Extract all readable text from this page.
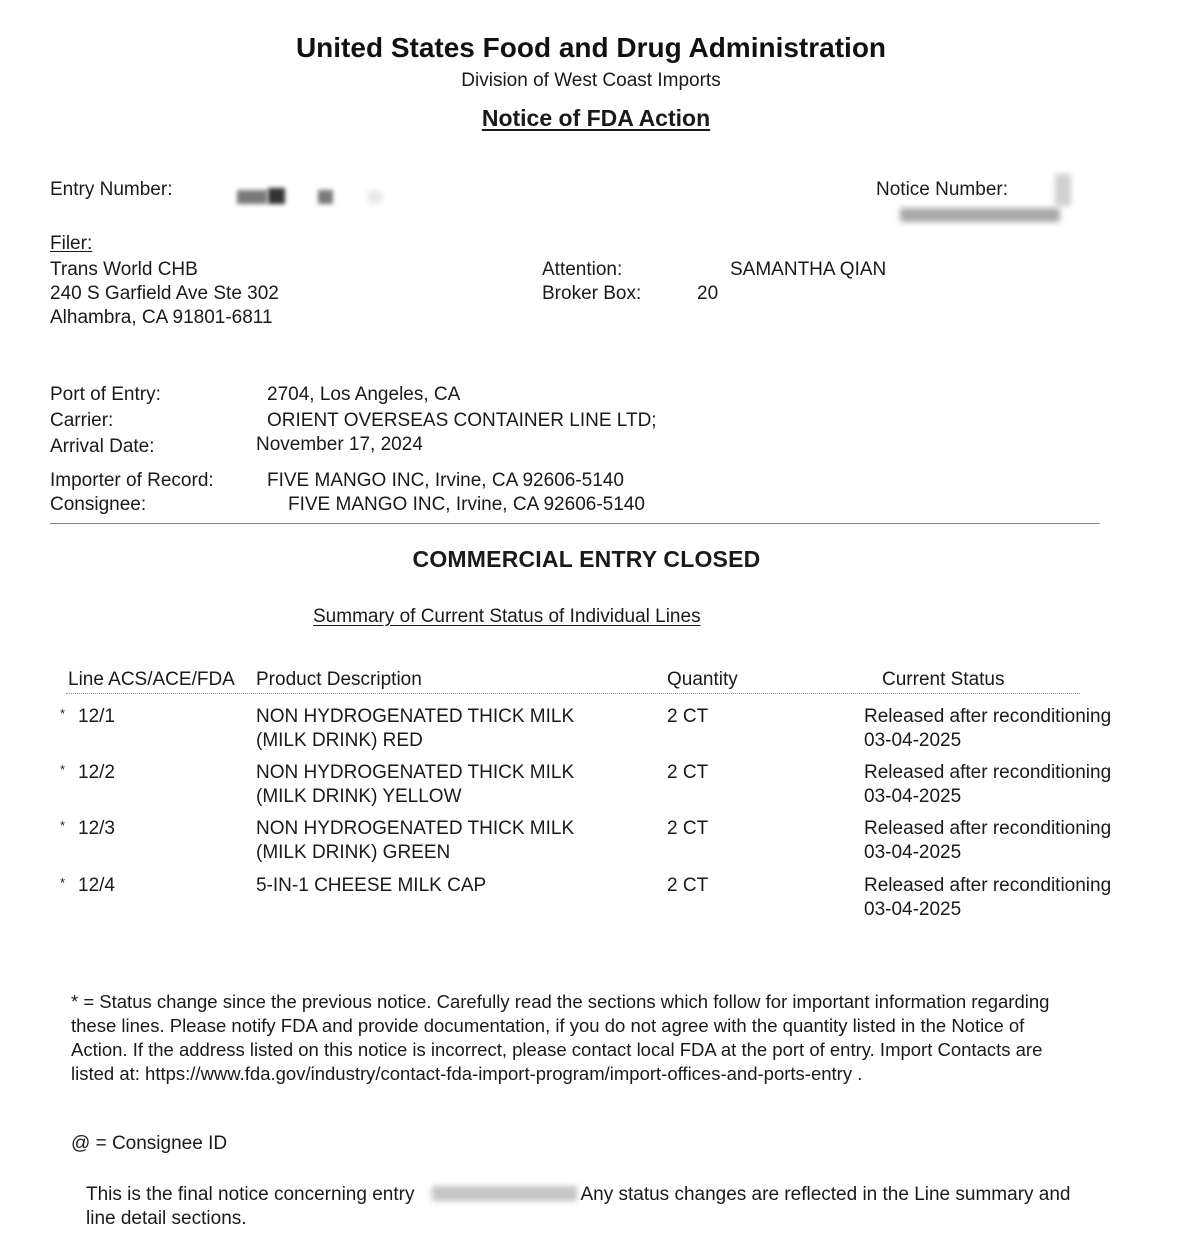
United States Food and Drug Administration
Division of West Coast Imports
Notice of FDA Action
Entry Number:	Notice Number:
Filer:
Trans World CHB
240 S Garfield Ave Ste 302
Alhambra, CA 91801-6811
Attention:	SAMANTHA QIAN
Broker Box:	20
Port of Entry:	2704, Los Angeles, CA
Carrier:	ORIENT OVERSEAS CONTAINER LINE LTD;
Arrival Date:	November 17, 2024
Importer of Record:	FIVE MANGO INC, Irvine, CA 92606-5140
Consignee:	FIVE MANGO INC, Irvine, CA 92606-5140
COMMERCIAL ENTRY CLOSED
Summary of Current Status of Individual Lines
Line ACS/ACE/FDA Product Description	Quantity	Current Status
* 12/1	NON HYDROGENATED THICK MILK
(MILK DRINK) RED
2 CT	Released after reconditioning
03-04-2025
* 12/2	NON HYDROGENATED THICK MILK
(MILK DRINK) YELLOW
2 CT	Released after reconditioning
03-04-2025
* 12/3	NON HYDROGENATED THICK MILK
(MILK DRINK) GREEN
2 CT	Released after reconditioning
03-04-2025
* 12/4	5-IN-1 CHEESE MILK CAP	2 CT	Released after reconditioning
03-04-2025
* = Status change since the previous notice. Carefully read the sections which follow for important information regarding these lines. Please notify FDA and provide documentation, if you do not agree with the quantity listed in the Notice of Action. If the address listed on this notice is incorrect, please contact local FDA at the port of entry. Import Contacts are listed at: https://www.fda.gov/industry/contact-fda-import-program/import-offices-and-ports-entry .
@ = Consignee ID
This is the final notice concerning entry	Any status changes are reflected in the Line summary and
line detail sections.
